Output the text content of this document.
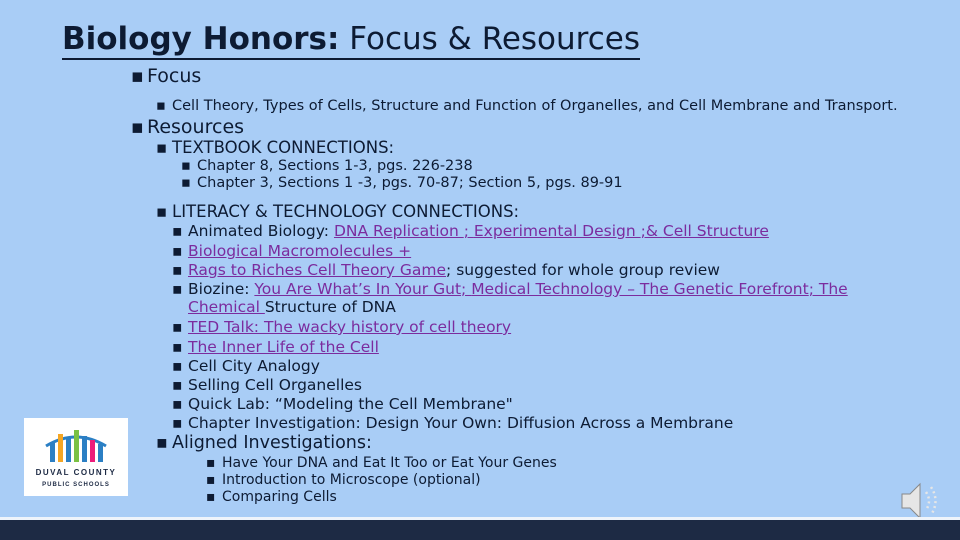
Biology Honors: Focus & Resources
▪ Focus
▪ Cell Theory, Types of Cells, Structure and Function of Organelles, and Cell Membrane and Transport.
▪ Resources
▪ TEXTBOOK CONNECTIONS:
▪ Chapter 8, Sections 1-3, pgs. 226-238
▪ Chapter 3, Sections 1 -3, pgs. 70-87; Section 5, pgs. 89-91
▪ LITERACY & TECHNOLOGY CONNECTIONS:
▪ Animated Biology: DNA Replication ; Experimental Design ;& Cell Structure
▪ Biological Macromolecules +
▪ Rags to Riches Cell Theory Game; suggested for whole group review
▪ Biozine: You Are What’s In Your Gut; Medical Technology – The Genetic Forefront; The
Chemical Structure of DNA
▪ TED Talk: The wacky history of cell theory
▪ The Inner Life of the Cell
▪ Cell City Analogy
▪ Selling Cell Organelles
▪ Quick Lab: “Modeling the Cell Membrane"
▪ Chapter Investigation: Design Your Own: Diffusion Across a Membrane
▪ Aligned Investigations:
▪ Have Your DNA and Eat It Too or Eat Your Genes
▪ Introduction to Microscope (optional)
▪ Comparing Cells
DUVAL COUNTY
PUBLIC SCHOOLS
